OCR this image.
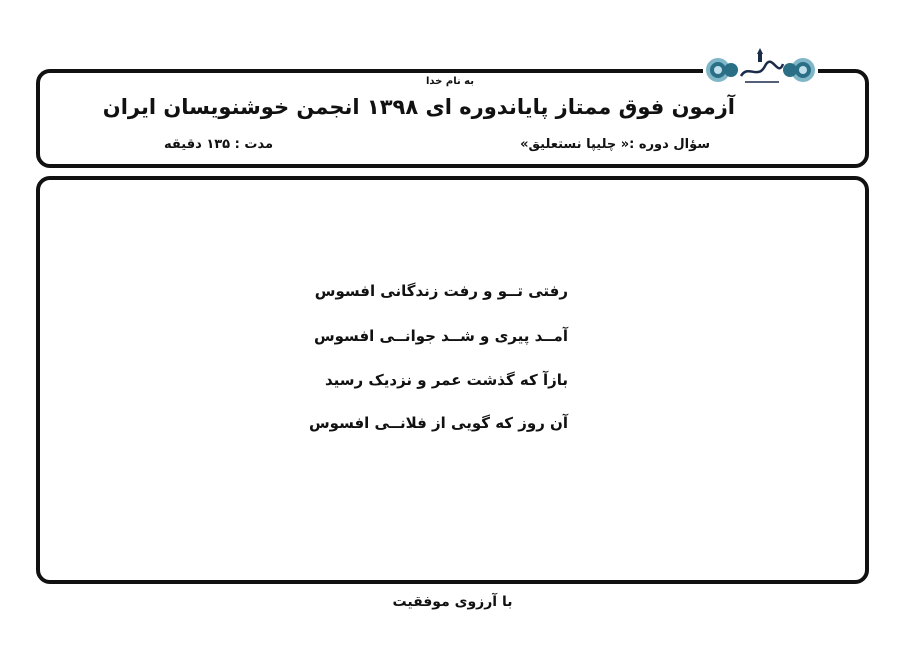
به نام خدا
آزمون فوق ممتاز پایاندوره ای ۱۳۹۸ انجمن خوشنویسان ایران
سؤال دوره :« چلیپا نستعلیق»
مدت : ۱۳۵ دقیقه
رفتی تــو و رفت زندگانی افسوس
آمــد پیری و شــد جوانــی افسوس
بازآ که گذشت عمر و نزدیک رسید
آن روز که گویی از فلانــی افسوس
با آرزوی موفقیت
